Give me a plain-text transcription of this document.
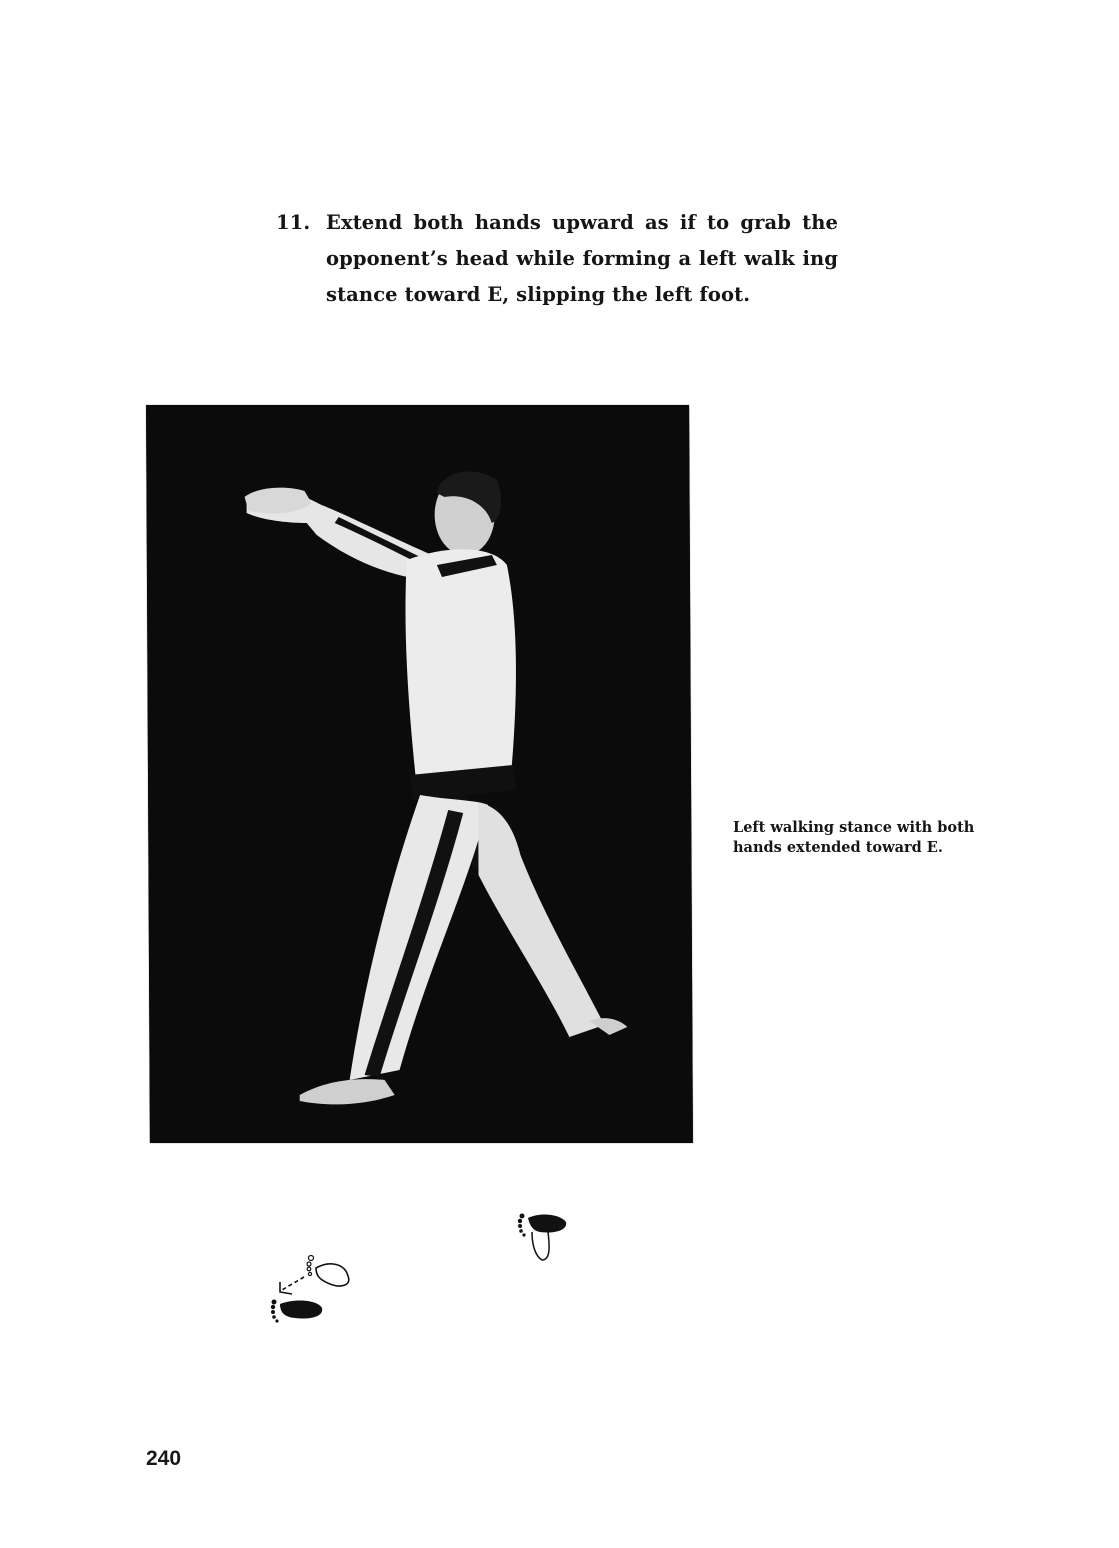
11. Extend both hands upward as if to grab the opponent’s head while forming a left walk ing stance toward E, slipping the left foot.
Left walking stance with both
hands extended toward E.
240
